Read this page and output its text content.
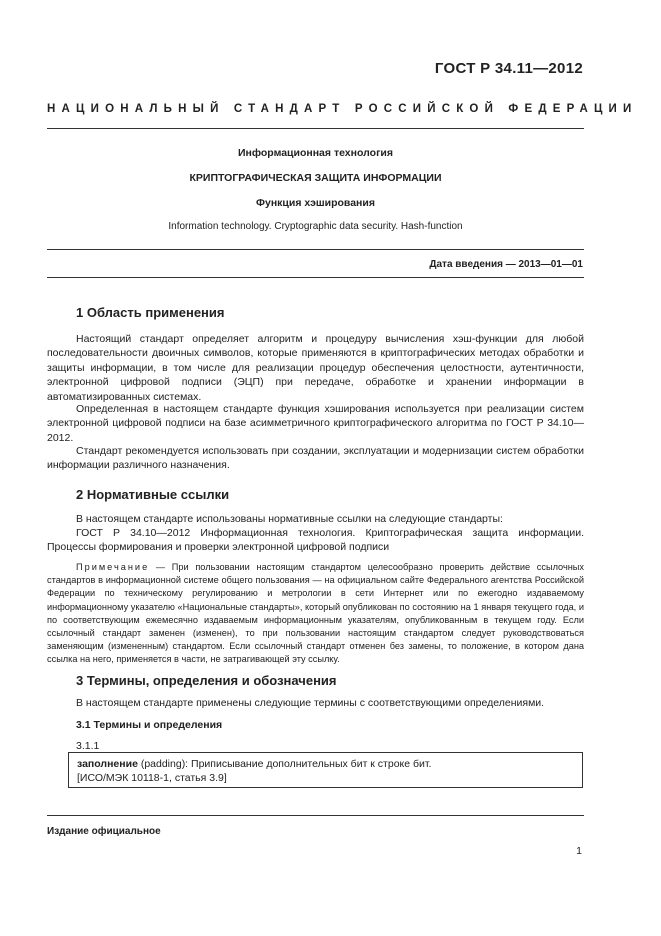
ГОСТ Р 34.11—2012
НАЦИОНАЛЬНЫЙ СТАНДАРТ РОССИЙСКОЙ ФЕДЕРАЦИИ
Информационная технология
КРИПТОГРАФИЧЕСКАЯ ЗАЩИТА ИНФОРМАЦИИ
Функция хэширования
Information technology. Cryptographic data security. Hash-function
Дата введения — 2013—01—01
1 Область применения
Настоящий стандарт определяет алгоритм и процедуру вычисления хэш-функции для любой последовательности двоичных символов, которые применяются в криптографических методах обработки и защиты информации, в том числе для реализации процедур обеспечения целостности, аутентичности, электронной цифровой подписи (ЭЦП) при передаче, обработке и хранении информации в автоматизированных системах.
Определенная в настоящем стандарте функция хэширования используется при реализации систем электронной цифровой подписи на базе асимметричного криптографического алгоритма по ГОСТ Р 34.10—2012.
Стандарт рекомендуется использовать при создании, эксплуатации и модернизации систем обработки информации различного назначения.
2 Нормативные ссылки
В настоящем стандарте использованы нормативные ссылки на следующие стандарты:
ГОСТ Р 34.10—2012 Информационная технология. Криптографическая защита информации. Процессы формирования и проверки электронной цифровой подписи
Примечание — При пользовании настоящим стандартом целесообразно проверить действие ссылочных стандартов в информационной системе общего пользования — на официальном сайте Федерального агентства Российской Федерации по техническому регулированию и метрологии в сети Интернет или по ежегодно издаваемому информационному указателю «Национальные стандарты», который опубликован по состоянию на 1 января текущего года, и по соответствующим ежемесячно издаваемым информационным указателям, опубликованным в текущем году. Если ссылочный стандарт заменен (изменен), то при пользовании настоящим стандартом следует руководствоваться заменяющим (измененным) стандартом. Если ссылочный стандарт отменен без замены, то положение, в котором дана ссылка на него, применяется в части, не затрагивающей эту ссылку.
3 Термины, определения и обозначения
В настоящем стандарте применены следующие термины с соответствующими определениями.
3.1 Термины и определения
3.1.1
заполнение (padding): Приписывание дополнительных бит к строке бит.
[ИСО/МЭК 10118-1, статья 3.9]
Издание официальное
1
